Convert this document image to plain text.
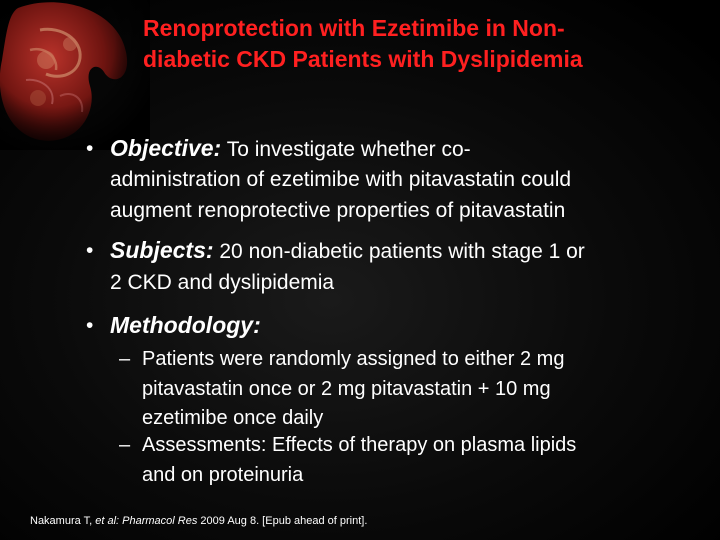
Renoprotection with Ezetimibe in Non-
diabetic CKD Patients with Dyslipidemia
• Objective: To investigate whether co-
administration of ezetimibe with pitavastatin could
augment renoprotective properties of pitavastatin
• Subjects: 20 non-diabetic patients with stage 1 or
2 CKD and dyslipidemia
• Methodology:
– Patients were randomly assigned to either 2 mg
pitavastatin once or 2 mg pitavastatin + 10 mg
ezetimibe once daily
– Assessments: Effects of therapy on plasma lipids
and on proteinuria
Nakamura T, et al: Pharmacol Res 2009 Aug 8. [Epub ahead of print].
